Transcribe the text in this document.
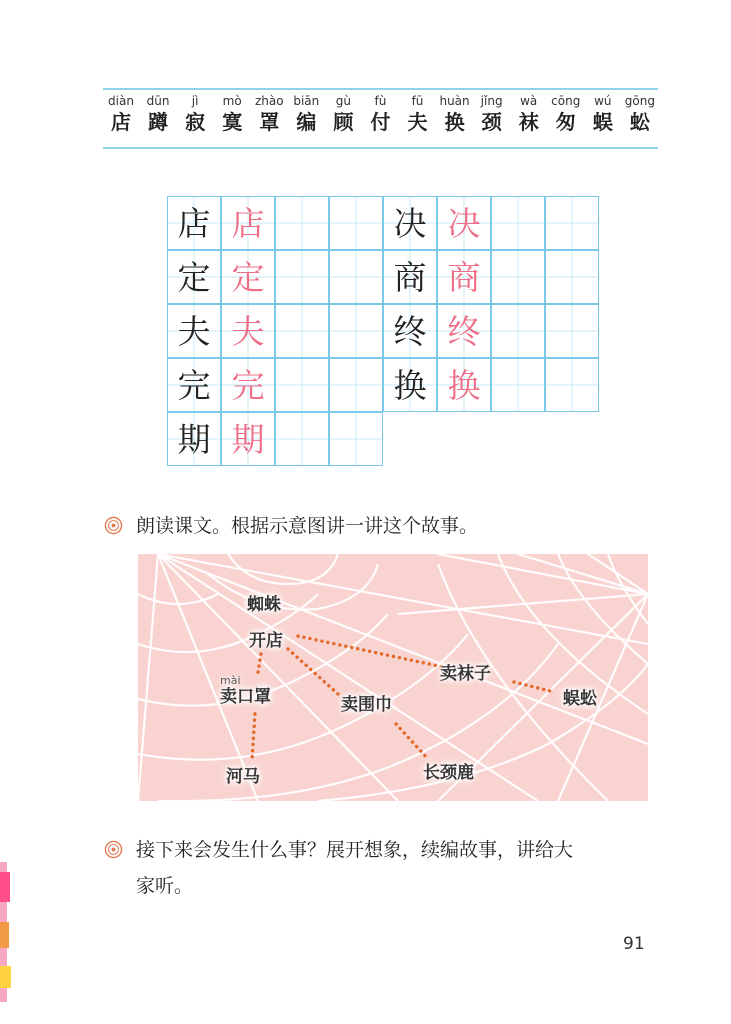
diàn
店
dūn
蹲
jì
寂
mò
寞
zhào
罩
biān
编
gù
顾
fù
付
fū
夫
huàn
换
jǐng
颈
wà
袜
cōng
匆
wú
蜈
gōng
蚣
店 店
定 定
夫 夫
完 完
期 期
决 决
商 商
终 终
换 换
朗读课文。根据示意图讲一讲这个故事。
蜘蛛
开店
mài
卖口罩	卖围巾
卖袜子
河马	长颈鹿
蜈蚣
接下来会发生什么事？展开想象，续编故事，讲给大
家听。
91
